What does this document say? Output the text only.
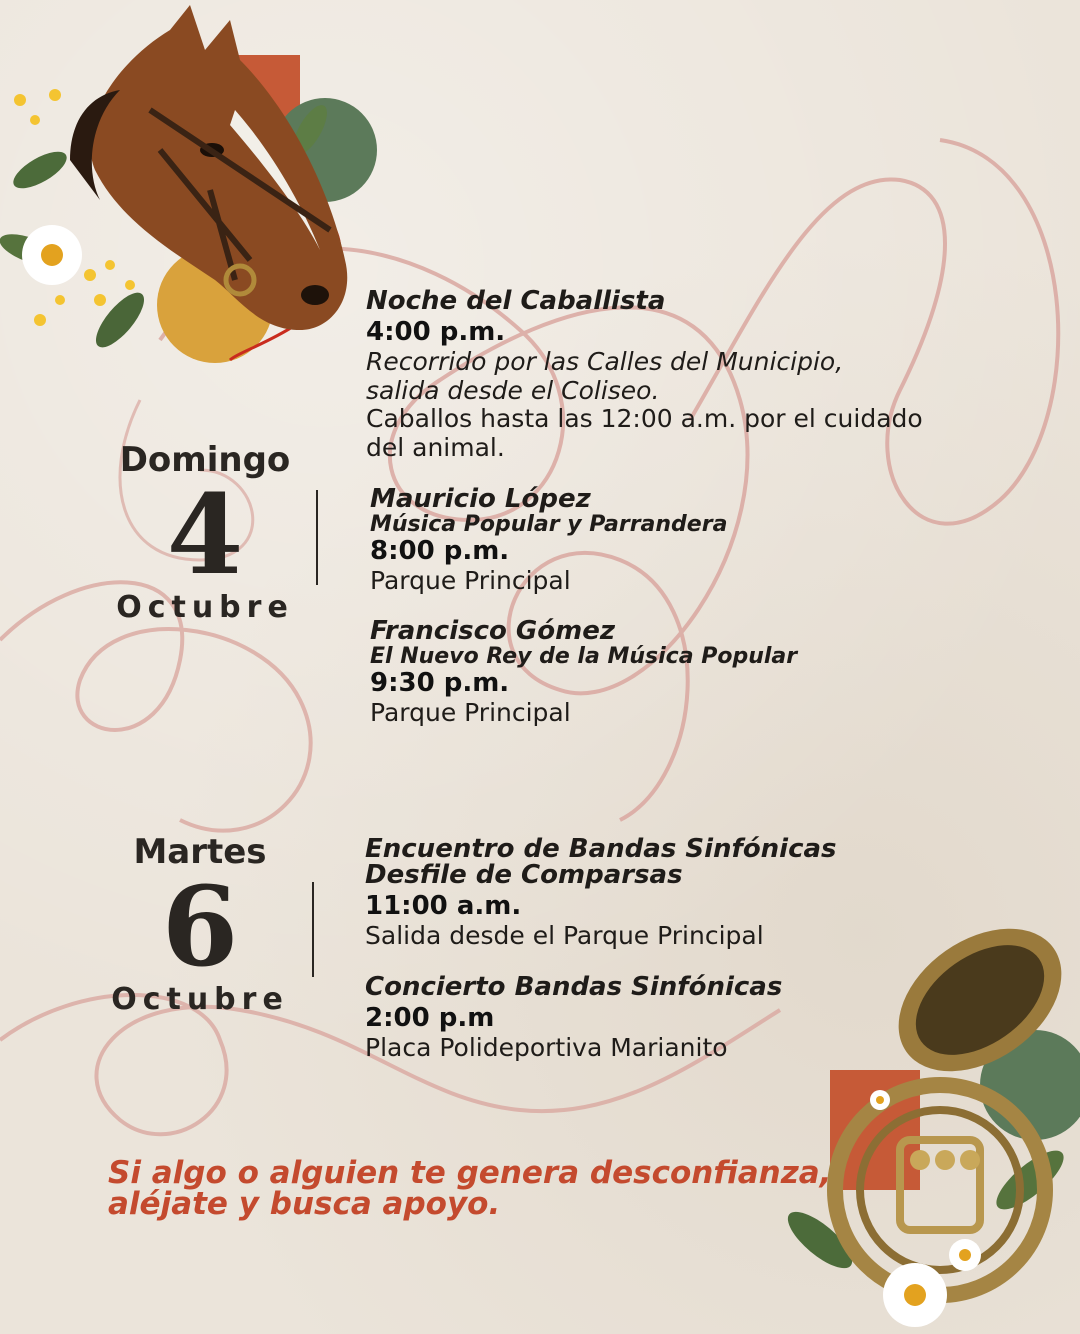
Domingo
4
Octubre
Noche del Caballista
4:00 p.m.
Recorrido por las Calles del Municipio,
salida desde el Coliseo.
Caballos hasta las 12:00 a.m. por el cuidado
del animal.
Mauricio López
Música Popular y Parrandera
8:00 p.m.
Parque Principal
Francisco Gómez
El Nuevo Rey de la Música Popular
9:30 p.m.
Parque Principal
Martes
6
Octubre
Encuentro de Bandas Sinfónicas
Desfile de Comparsas
11:00 a.m.
Salida desde el Parque Principal
Concierto Bandas Sinfónicas
2:00 p.m
Placa Polideportiva Marianito
Si algo o alguien te genera desconfianza,
aléjate y busca apoyo.
